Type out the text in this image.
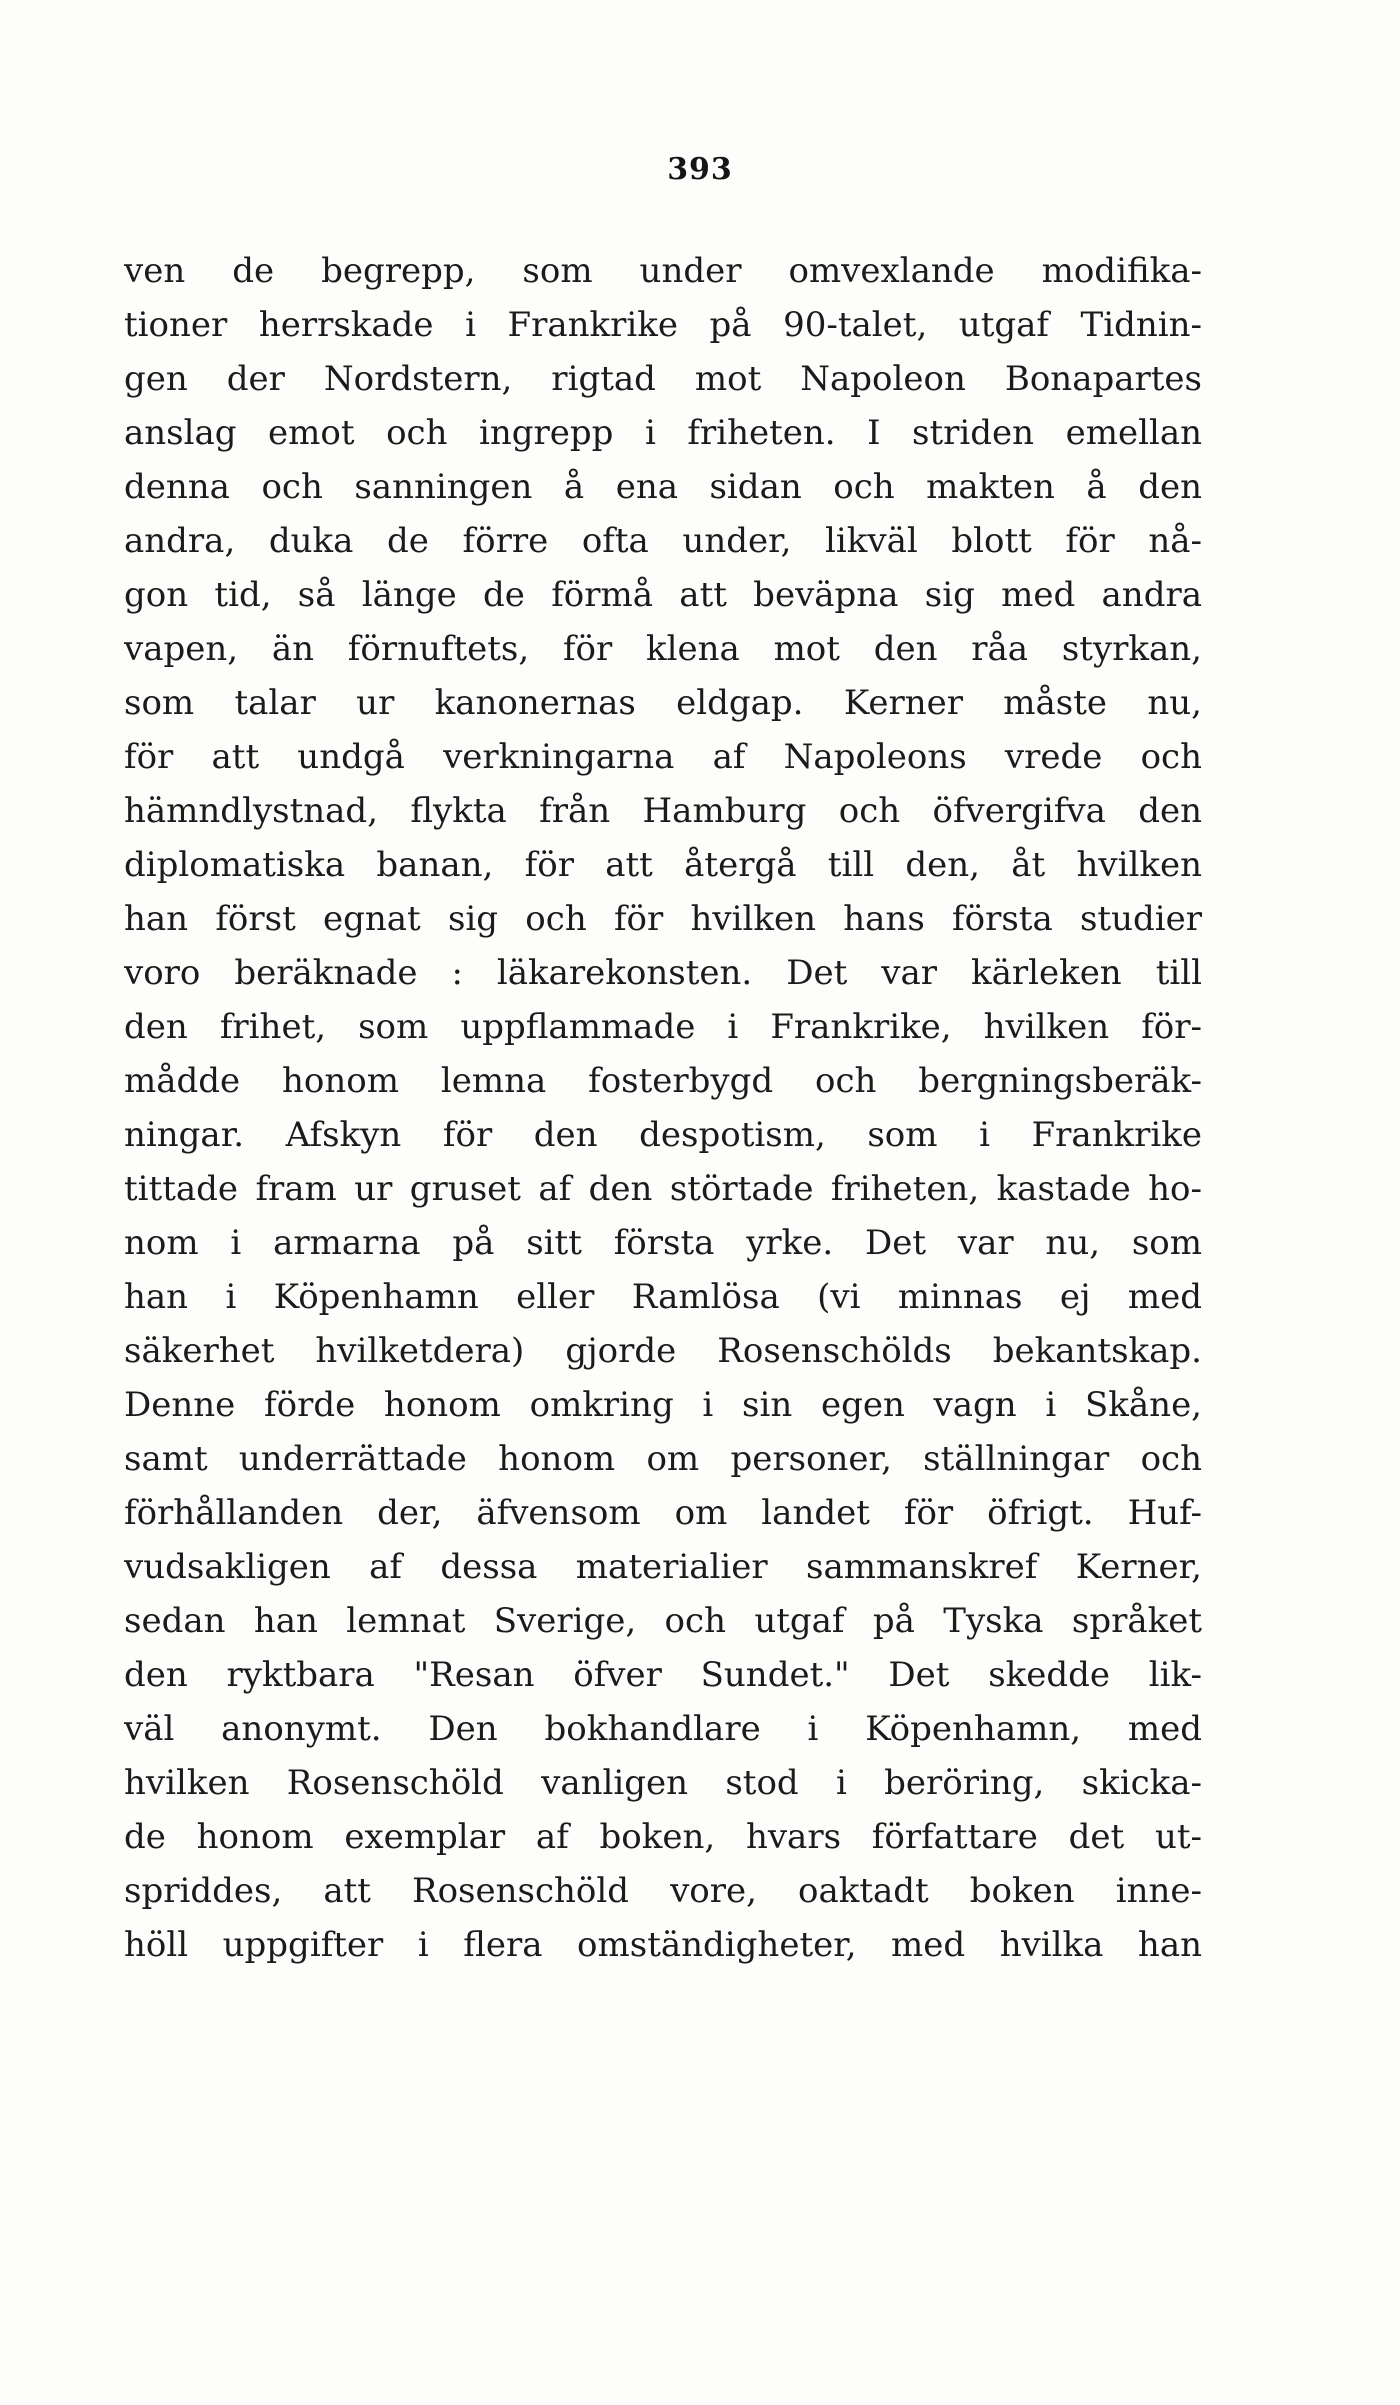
393
ven de begrepp, som under omvexlande modifika-
tioner herrskade i Frankrike på 90-talet, utgaf Tidnin-
gen der Nordstern, rigtad mot Napoleon Bonapartes
anslag emot och ingrepp i friheten. I striden emellan
denna och sanningen å ena sidan och makten å den
andra, duka de förre ofta under, likväl blott för nå-
gon tid, så länge de förmå att beväpna sig med andra
vapen, än förnuftets, för klena mot den råa styrkan,
som talar ur kanonernas eldgap. Kerner måste nu,
för att undgå verkningarna af Napoleons vrede och
hämndlystnad, flykta från Hamburg och öfvergifva den
diplomatiska banan, för att återgå till den, åt hvilken
han först egnat sig och för hvilken hans första studier
voro beräknade : läkarekonsten. Det var kärleken till
den frihet, som uppflammade i Frankrike, hvilken för-
mådde honom lemna fosterbygd och bergningsberäk-
ningar. Afskyn för den despotism, som i Frankrike
tittade fram ur gruset af den störtade friheten, kastade ho-
nom i armarna på sitt första yrke. Det var nu, som
han i Köpenhamn eller Ramlösa (vi minnas ej med
säkerhet hvilketdera) gjorde Rosenschölds bekantskap.
Denne förde honom omkring i sin egen vagn i Skåne,
samt underrättade honom om personer, ställningar och
förhållanden der, äfvensom om landet för öfrigt. Huf-
vudsakligen af dessa materialier sammanskref Kerner,
sedan han lemnat Sverige, och utgaf på Tyska språket
den ryktbara "Resan öfver Sundet." Det skedde lik-
väl anonymt. Den bokhandlare i Köpenhamn, med
hvilken Rosenschöld vanligen stod i beröring, skicka-
de honom exemplar af boken, hvars författare det ut-
spriddes, att Rosenschöld vore, oaktadt boken inne-
höll uppgifter i flera omständigheter, med hvilka han
